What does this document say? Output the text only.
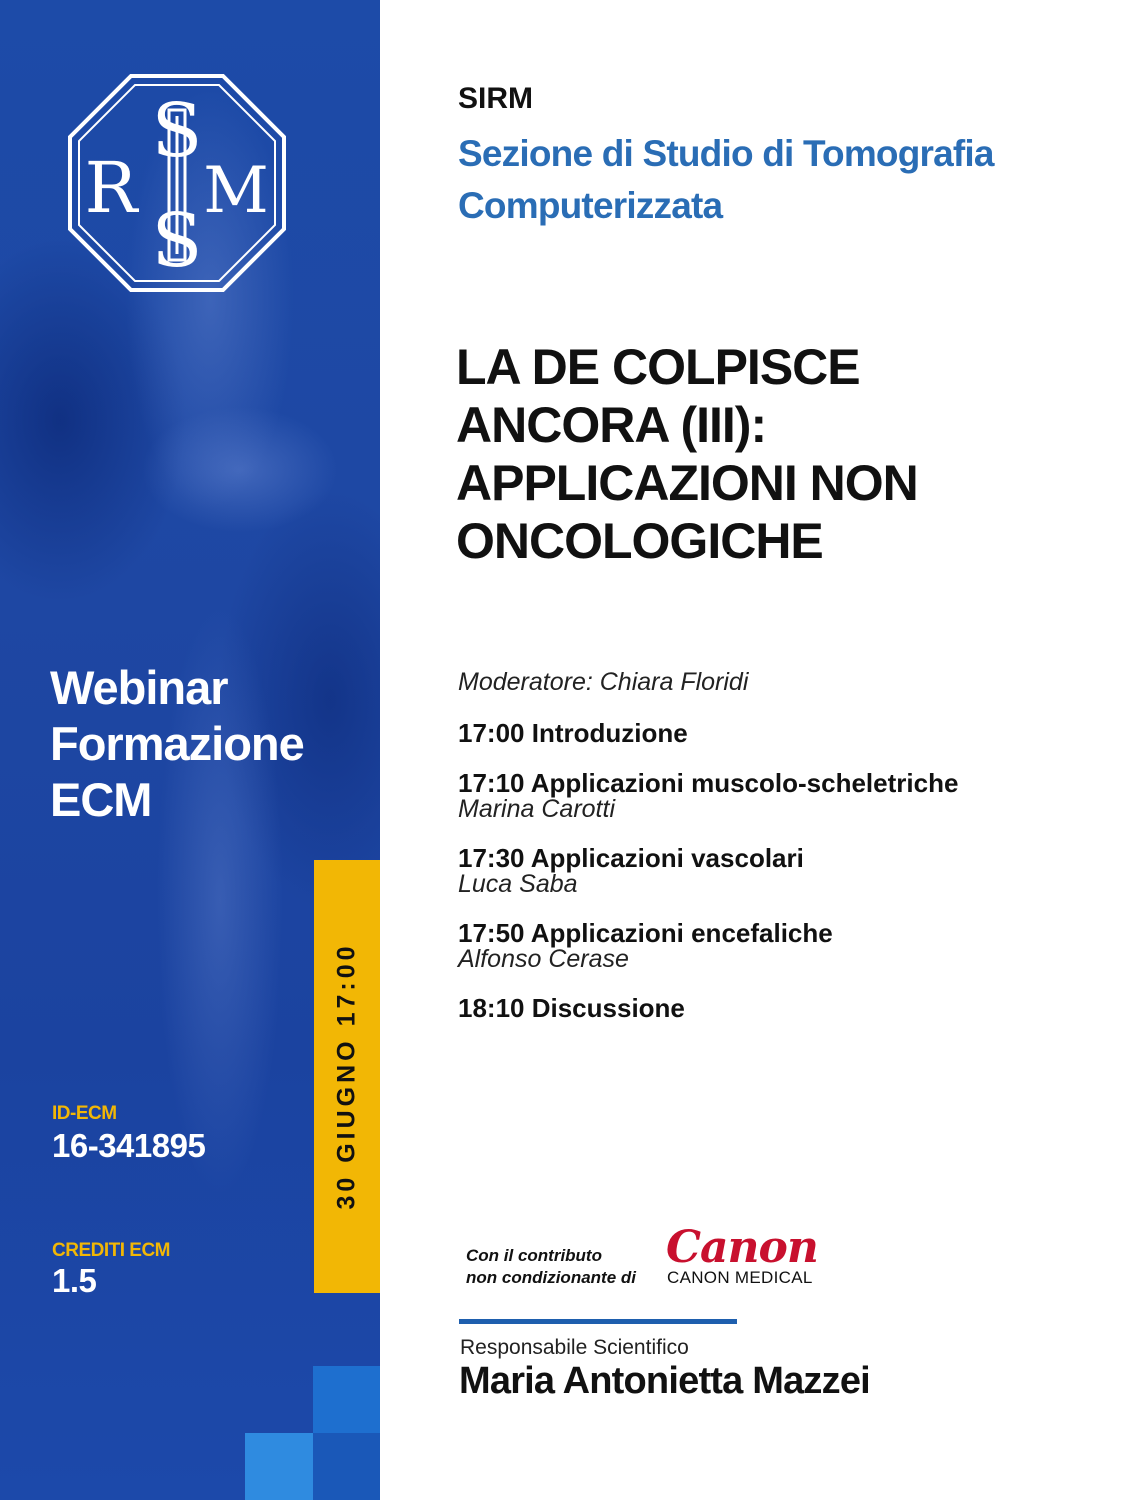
S
S
R M
Webinar
Formazione
ECM
ID-ECM
16-341895
CREDITI ECM
1.5
30 GIUGNO 17:00
SIRM
Sezione di Studio di Tomografia
Computerizzata
LA DE COLPISCE
ANCORA (III):
APPLICAZIONI NON
ONCOLOGICHE
Moderatore: Chiara Floridi
17:00 Introduzione
17:10 Applicazioni muscolo-scheletriche
Marina Carotti
17:30 Applicazioni vascolari
Luca Saba
17:50 Applicazioni encefaliche
Alfonso Cerase
18:10 Discussione
Con il contributo
non condizionante di
Canon
CANON MEDICAL
Responsabile Scientifico
Maria Antonietta Mazzei
